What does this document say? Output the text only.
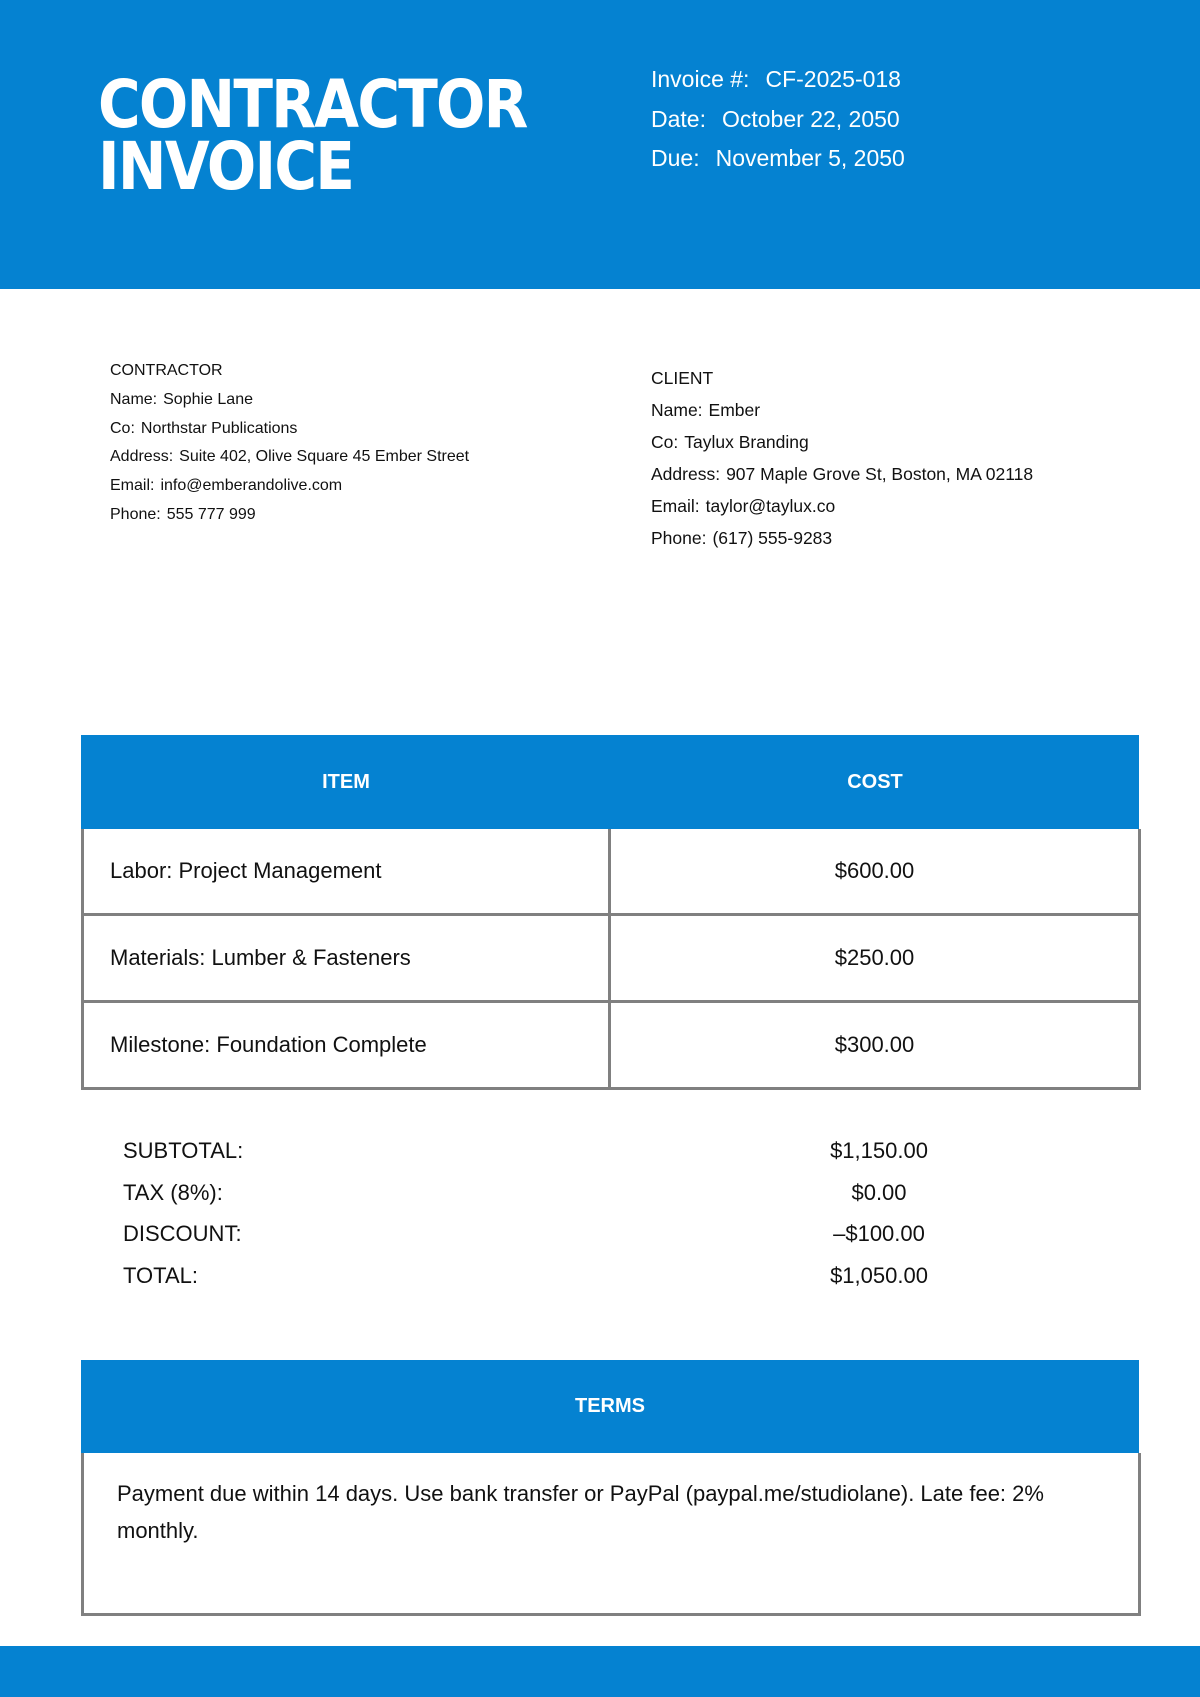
CONTRACTOR
INVOICE
Invoice #: CF-2025-018
Date: October 22, 2050
Due: November 5, 2050
CONTRACTOR
Name: Sophie Lane
Co: Northstar Publications
Address: Suite 402, Olive Square 45 Ember Street
Email: info@emberandolive.com
Phone: 555 777 999
CLIENT
Name: Ember
Co: Taylux Branding
Address: 907 Maple Grove St, Boston, MA 02118
Email: taylor@taylux.co
Phone: (617) 555-9283
ITEM	COST
Labor: Project Management	$600.00
Materials: Lumber & Fasteners	$250.00
Milestone: Foundation Complete	$300.00
SUBTOTAL:	$1,150.00
TAX (8%):	$0.00
DISCOUNT:	–$100.00
TOTAL:	$1,050.00
TERMS
Payment due within 14 days. Use bank transfer or PayPal (paypal.me/studiolane). Late fee: 2% monthly.
